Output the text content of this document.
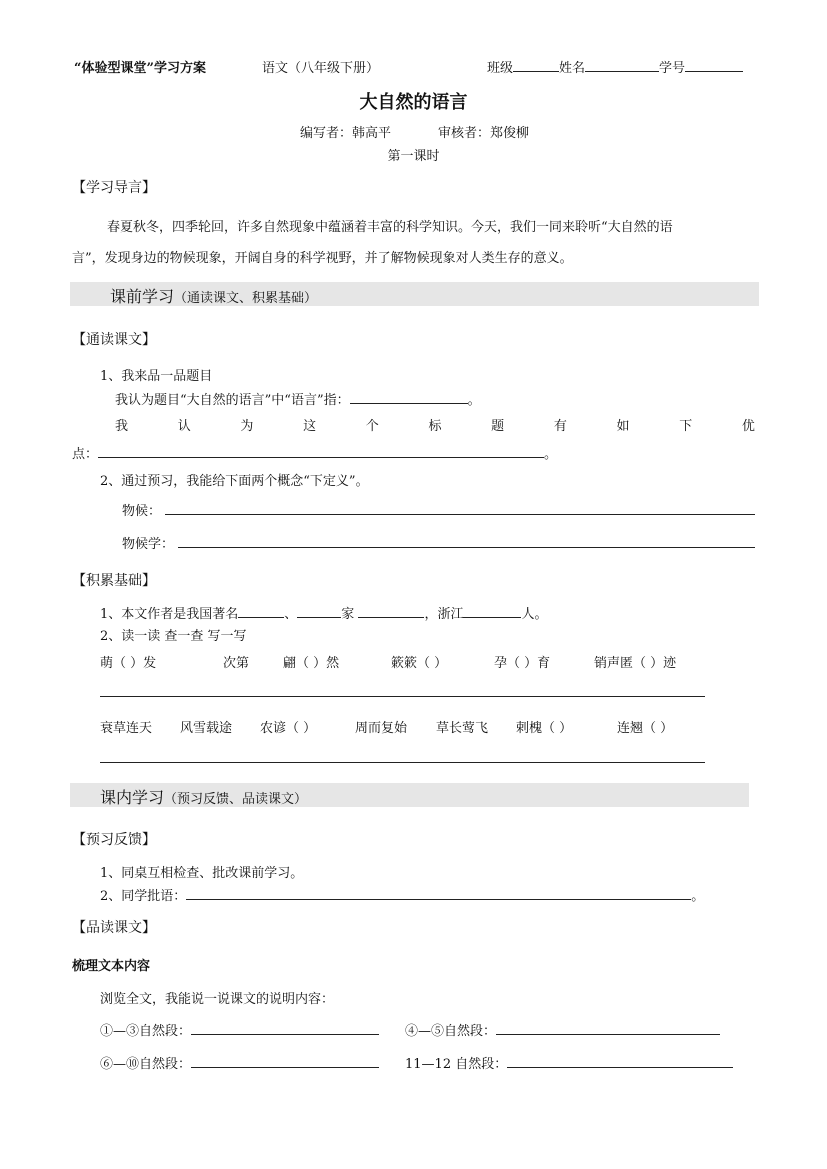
“体验型课堂”学习方案	语文（八年级下册）	班级	姓名	学号
大自然的语言
编写者：韩高平	审核者：郑俊柳
第一课时
【学习导言】
春夏秋冬，四季轮回，许多自然现象中蕴涵着丰富的科学知识。今天，我们一同来聆听“大自然的语
言”，发现身边的物候现象，开阔自身的科学视野，并了解物候现象对人类生存的意义。
课前学习（通读课文、积累基础）
【通读课文】
1、我来品一品题目
我认为题目“大自然的语言”中“语言”指：	。
我	认	为	这	个	标	题	有	如	下	优
点：	。
2、通过预习，我能给下面两个概念“下定义”。
物候：
物候学：
【积累基础】
1、本文作者是我国著名	、	家	，浙江	人。
2、读一读 查一查 写一写
萌（ ）发	次第	翩（ ）然	簌簌（ ）	孕（ ）育	销声匿（ ）迹
衰草连天 风雪载途 农谚（ ）	周而复始 草长莺飞 剌槐（ ）	连翘（ ）
课内学习（预习反馈、品读课文）
【预习反馈】
1、同桌互相检查、批改课前学习。
2、同学批语：	。
【品读课文】
梳理文本内容
浏览全文，我能说一说课文的说明内容：
①—③自然段：	④—⑤自然段：
⑥—⑩自然段：	11—12 自然段：
